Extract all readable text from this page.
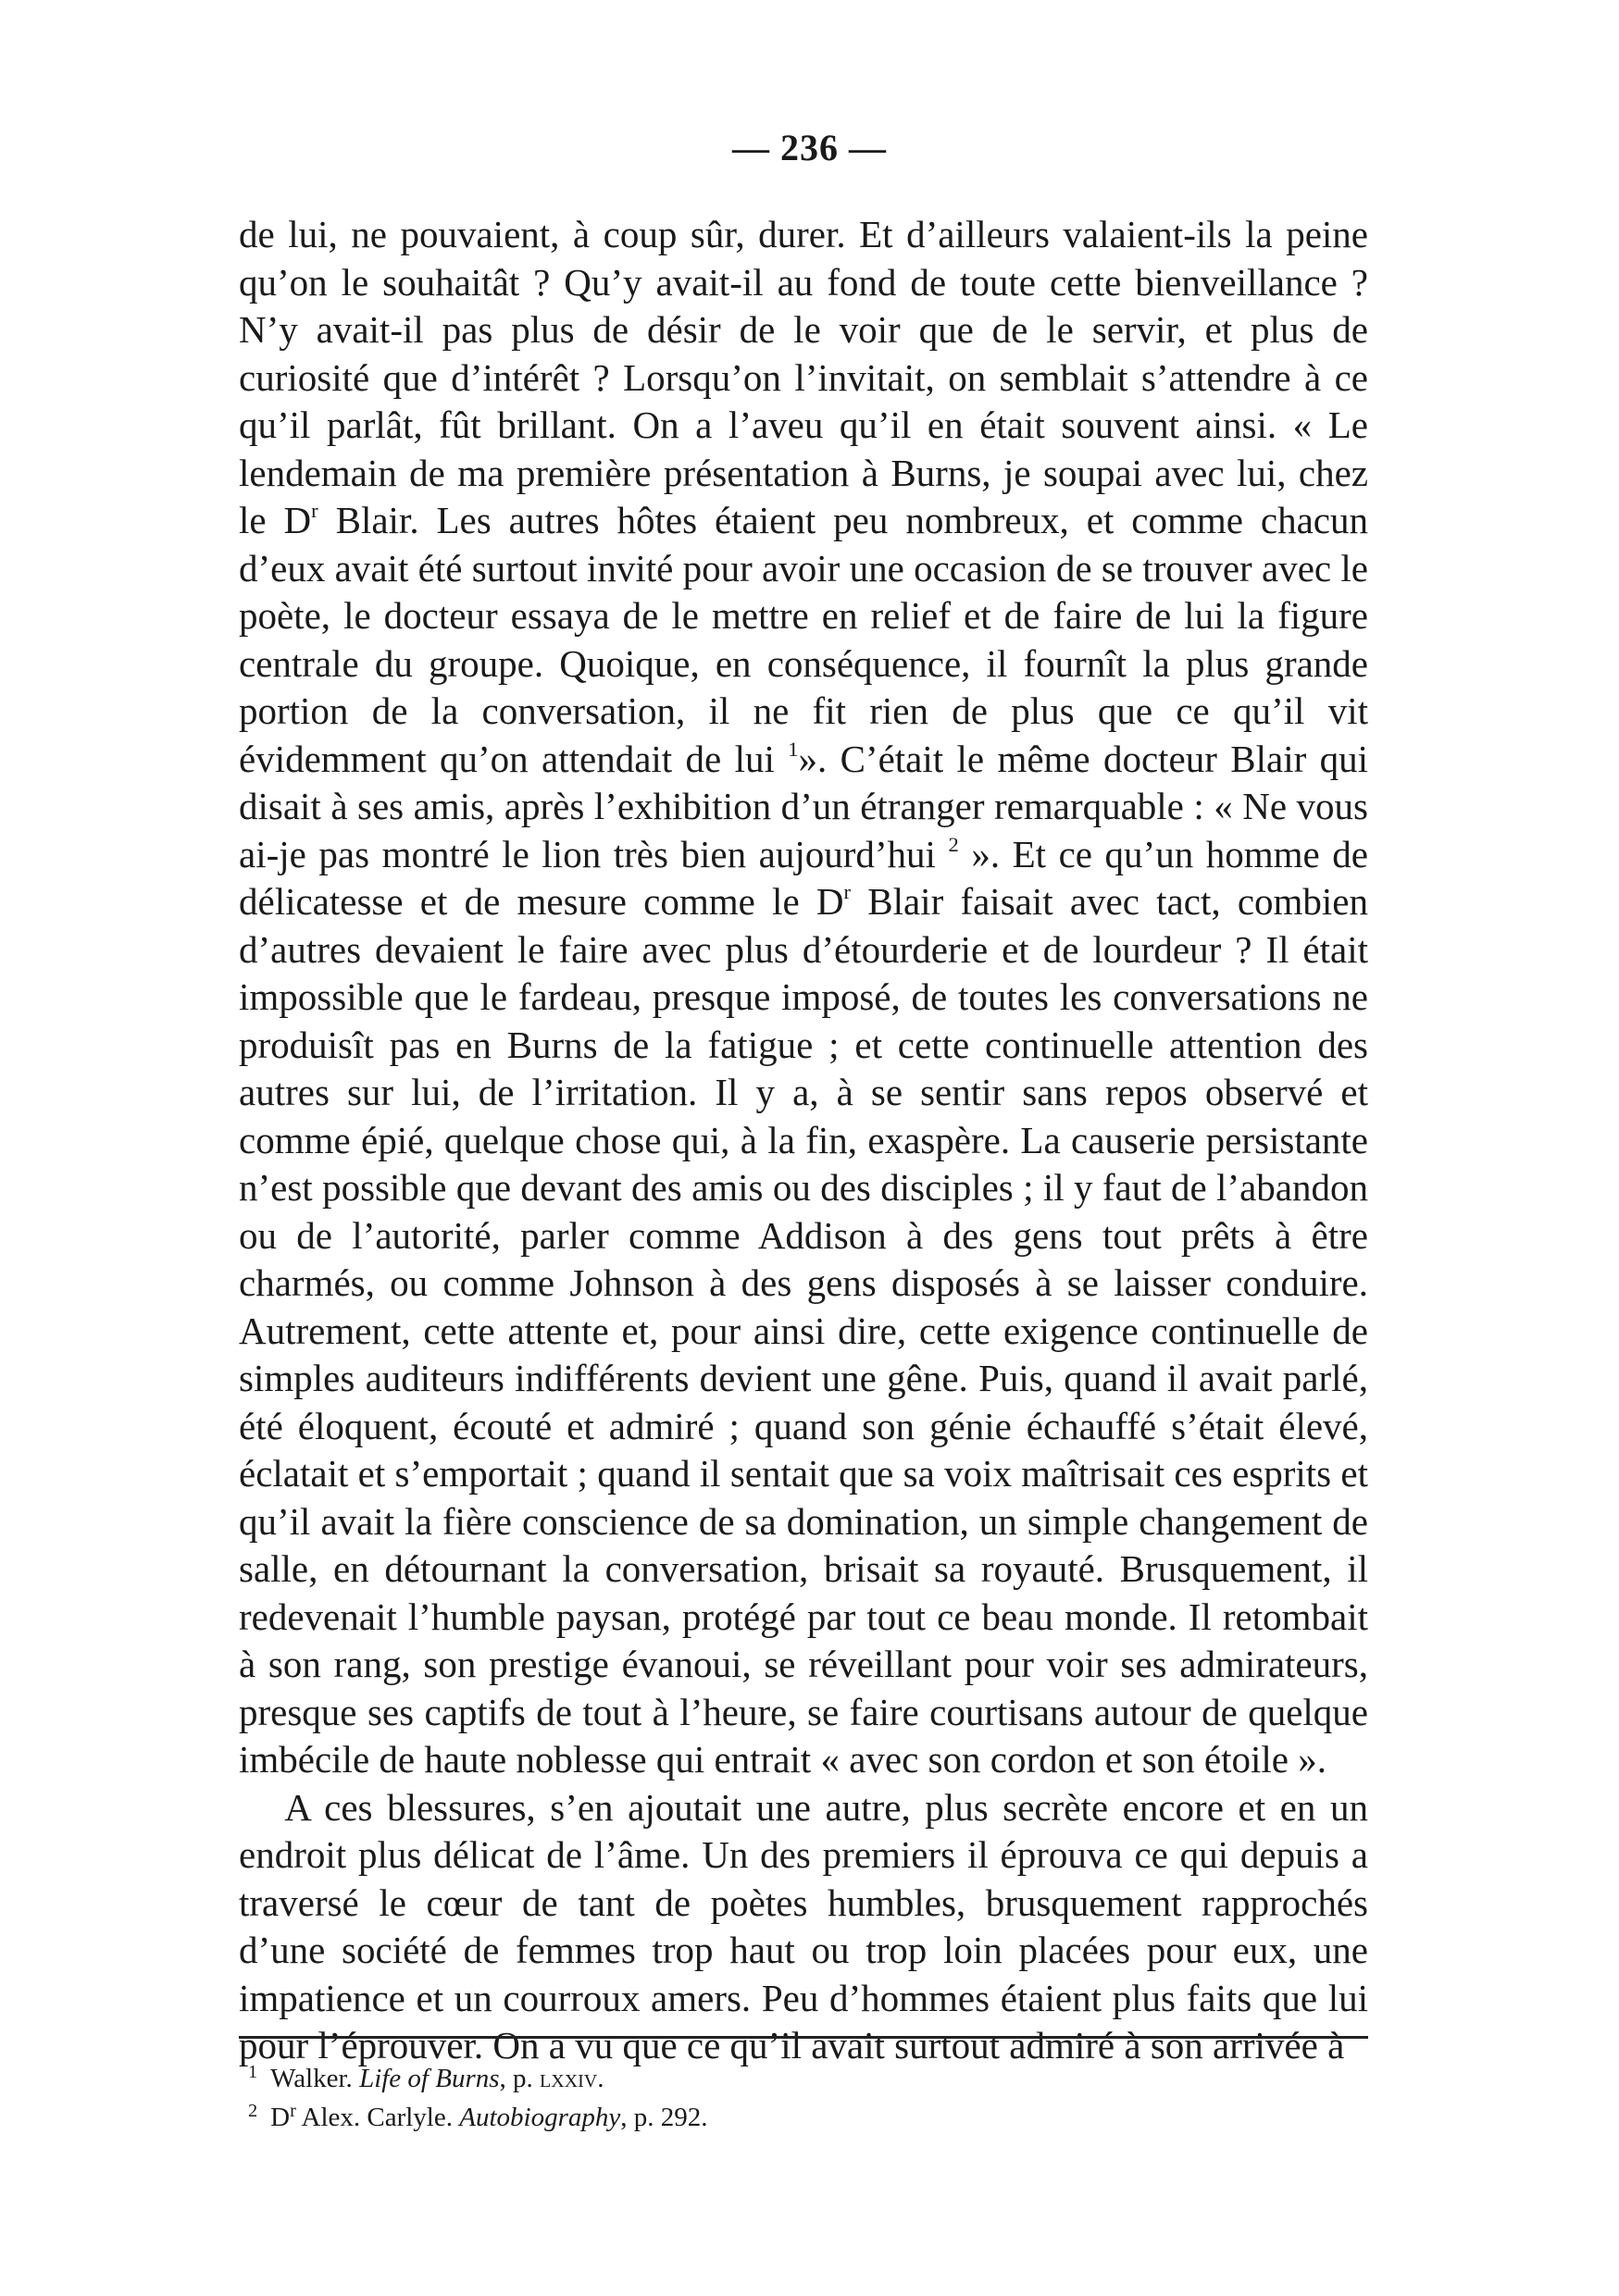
— 236 —

de lui, ne pouvaient, à coup sûr, durer. Et d’ailleurs valaient-ils la peine qu’on le souhaitât ? Qu’y avait-il au fond de toute cette bienveillance ? N’y avait-il pas plus de désir de le voir que de le servir, et plus de curiosité que d’intérêt ? Lorsqu’on l’invitait, on semblait s’attendre à ce qu’il parlât, fût brillant. On a l’aveu qu’il en était souvent ainsi. « Le lendemain de ma première présentation à Burns, je soupai avec lui, chez le $D^r$ Blair. Les autres hôtes étaient peu nombreux, et comme chacun d’eux avait été surtout invité pour avoir une occasion de se trouver avec le poète, le docteur essaya de le mettre en relief et de faire de lui la figure centrale du groupe. Quoique, en conséquence, il fournît la plus grande portion de la conversation, il ne fit rien de plus que ce qu’il vit évidemment qu’on attendait de lui $^1$». C’était le même docteur Blair qui disait à ses amis, après l’exhibition d’un étranger remarquable : « Ne vous ai-je pas montré le lion très bien aujourd’hui $^2$ ». Et ce qu’un homme de délicatesse et de mesure comme le $D^r$ Blair faisait avec tact, combien d’autres devaient le faire avec plus d’étourderie et de lourdeur ? Il était impossible que le fardeau, presque imposé, de toutes les conversations ne produisît pas en Burns de la fatigue ; et cette continuelle attention des autres sur lui, de l’irritation. Il y a, à se sentir sans repos observé et comme épié, quelque chose qui, à la fin, exaspère. La causerie persistante n’est possible que devant des amis ou des disciples ; il y faut de l’abandon ou de l’autorité, parler comme Addison à des gens tout prêts à être charmés, ou comme Johnson à des gens disposés à se laisser conduire. Autrement, cette attente et, pour ainsi dire, cette exigence continuelle de simples auditeurs indifférents devient une gêne. Puis, quand il avait parlé, été éloquent, écouté et admiré ; quand son génie échauffé s’était élevé, éclatait et s’emportait ; quand il sentait que sa voix maîtrisait ces esprits et qu’il avait la fière conscience de sa domination, un simple changement de salle, en détournant la conversation, brisait sa royauté. Brusquement, il redevenait l’humble paysan, protégé par tout ce beau monde. Il retombait à son rang, son prestige évanoui, se réveillant pour voir ses admirateurs, presque ses captifs de tout à l’heure, se faire courtisans autour de quelque imbécile de haute noblesse qui entrait « avec son cordon et son étoile ».

A ces blessures, s’en ajoutait une autre, plus secrète encore et en un endroit plus délicat de l’âme. Un des premiers il éprouva ce qui depuis a traversé le cœur de tant de poètes humbles, brusquement rapprochés d’une société de femmes trop haut ou trop loin placées pour eux, une impatience et un courroux amers. Peu d’hommes étaient plus faits que lui pour l’éprouver. On a vu que ce qu’il avait surtout admiré à son arrivée à

$^1$ Walker. Life of Burns, p. lxxiv.
$^2$ $D^r$ Alex. Carlyle. Autobiography, p. 292.
